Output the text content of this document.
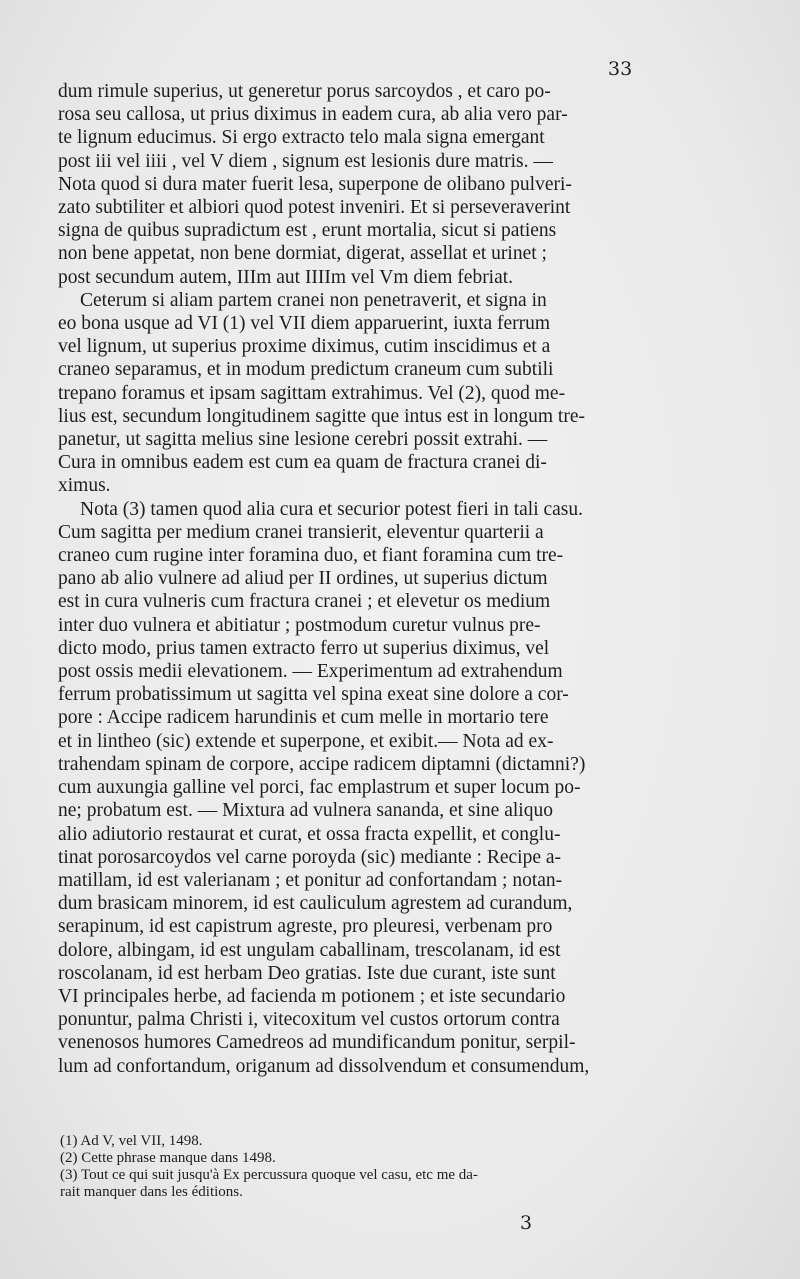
33

dum rimule superius, ut generetur porus sarcoydos , et caro po-
rosa seu callosa, ut prius diximus in eadem cura, ab alia vero par-
te lignum educimus. Si ergo extracto telo mala signa emergant
post iii vel iiii , vel V diem , signum est lesionis dure matris. —
Nota quod si dura mater fuerit lesa, superpone de olibano pulveri-
zato subtiliter et albiori quod potest inveniri. Et si perseveraverint
signa de quibus supradictum est , erunt mortalia, sicut si patiens
non bene appetat, non bene dormiat, digerat, assellat et urinet ;
post secundum autem, IIIm aut IIIIm vel Vm diem febriat.

Ceterum si aliam partem cranei non penetraverit, et signa in
eo bona usque ad VI (1) vel VII diem apparuerint, iuxta ferrum
vel lignum, ut superius proxime diximus, cutim inscidimus et a
craneo separamus, et in modum predictum craneum cum subtili
trepano foramus et ipsam sagittam extrahimus. Vel (2), quod me-
lius est, secundum longitudinem sagitte que intus est in longum tre-
panetur, ut sagitta melius sine lesione cerebri possit extrahi. —
Cura in omnibus eadem est cum ea quam de fractura cranei di-
ximus.

Nota (3) tamen quod alia cura et securior potest fieri in tali casu.
Cum sagitta per medium cranei transierit, eleventur quarterii a
craneo cum rugine inter foramina duo, et fiant foramina cum tre-
pano ab alio vulnere ad aliud per II ordines, ut superius dictum
est in cura vulneris cum fractura cranei ; et elevetur os medium
inter duo vulnera et abitiatur ; postmodum curetur vulnus pre-
dicto modo, prius tamen extracto ferro ut superius diximus, vel
post ossis medii elevationem. — Experimentum ad extrahendum
ferrum probatissimum ut sagitta vel spina exeat sine dolore a cor-
pore : Accipe radicem harundinis et cum melle in mortario tere
et in lintheo (sic) extende et superpone, et exibit.— Nota ad ex-
trahendam spinam de corpore, accipe radicem diptamni (dictamni?)
cum auxungia galline vel porci, fac emplastrum et super locum po-
ne; probatum est. — Mixtura ad vulnera sananda, et sine aliquo
alio adiutorio restaurat et curat, et ossa fracta expellit, et conglu-
tinat porosarcoydos vel carne poroyda (sic) mediante : Recipe a-
matillam, id est valerianam ; et ponitur ad confortandam ; notan-
dum brasicam minorem, id est cauliculum agrestem ad curandum,
serapinum, id est capistrum agreste, pro pleuresi, verbenam pro
dolore, albingam, id est ungulam caballinam, trescolanam, id est
roscolanam, id est herbam Deo gratias. Iste due curant, iste sunt
VI principales herbe, ad facienda m potionem ; et iste secundario
ponuntur, palma Christi i, vitecoxitum vel custos ortorum contra
venenosos humores Camedreos ad mundificandum ponitur, serpil-
lum ad confortandum, origanum ad dissolvendum et consumendum,

(1) Ad V, vel VII, 1498.

(2) Cette phrase manque dans 1498.

(3) Tout ce qui suit jusqu'à Ex percussura quoque vel casu, etc me da-
rait manquer dans les éditions.

3
